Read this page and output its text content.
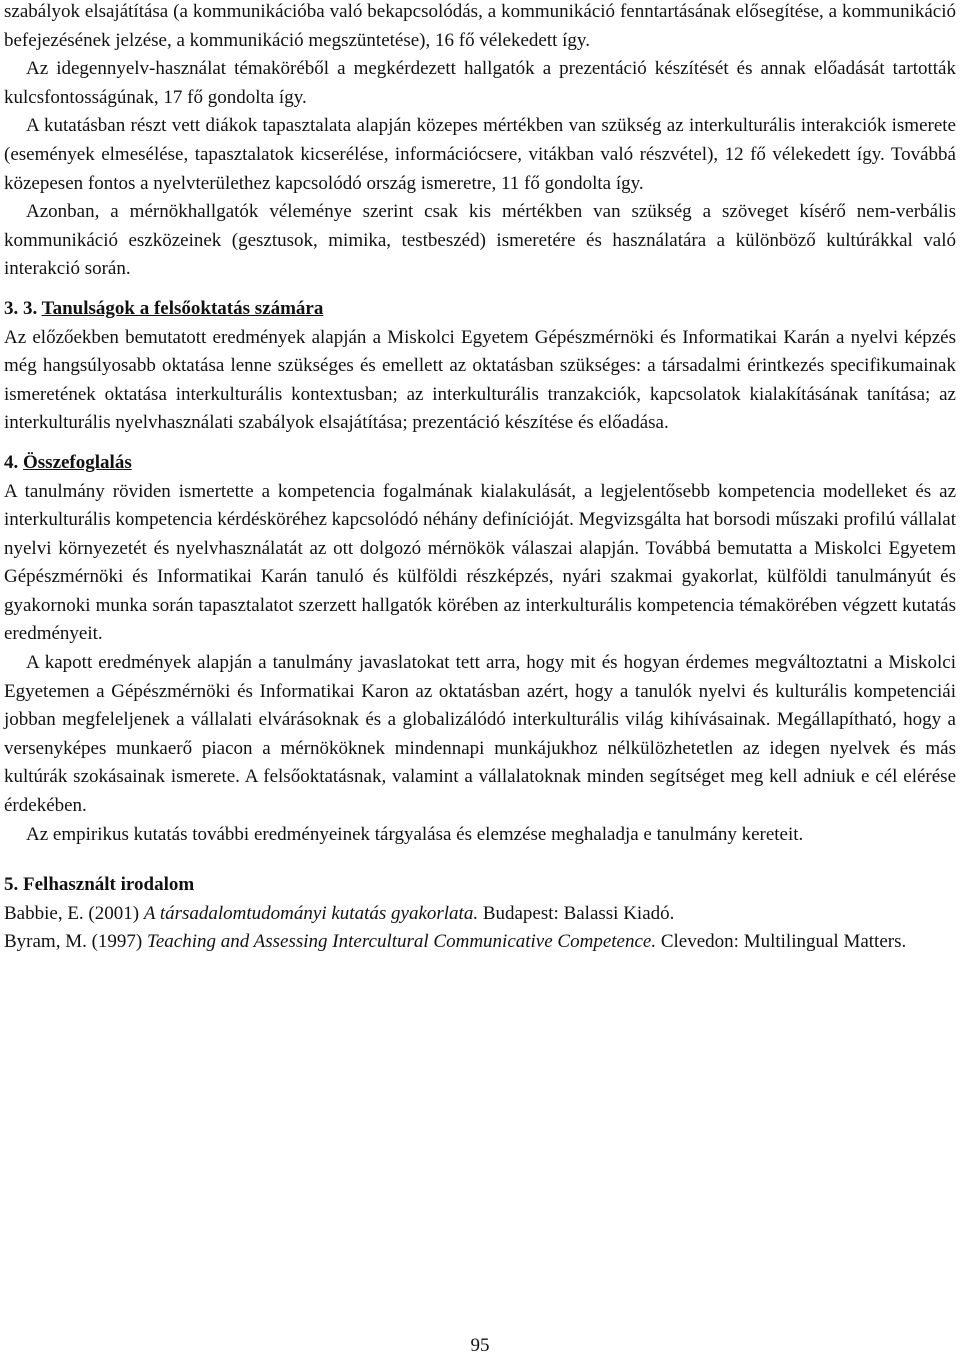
szabályok elsajátítása (a kommunikációba való bekapcsolódás, a kommunikáció fenntartásának elősegítése, a kommunikáció befejezésének jelzése, a kommunikáció megszüntetése), 16 fő vélekedett így.

Az idegennyelv-használat témaköréből a megkérdezett hallgatók a prezentáció készítését és annak előadását tartották kulcsfontosságúnak, 17 fő gondolta így.

A kutatásban részt vett diákok tapasztalata alapján közepes mértékben van szükség az interkulturális interakciók ismerete (események elmesélése, tapasztalatok kicserélése, információcsere, vitákban való részvétel), 12 fő vélekedett így. Továbbá közepesen fontos a nyelvterülethez kapcsolódó ország ismeretre, 11 fő gondolta így.

Azonban, a mérnökhallgatók véleménye szerint csak kis mértékben van szükség a szöveget kísérő nem-verbális kommunikáció eszközeinek (gesztusok, mimika, testbeszéd) ismeretére és használatára a különböző kultúrákkal való interakció során.

3. 3. Tanulságok a felsőoktatás számára

Az előzőekben bemutatott eredmények alapján a Miskolci Egyetem Gépészmérnöki és Informatikai Karán a nyelvi képzés még hangsúlyosabb oktatása lenne szükséges és emellett az oktatásban szükséges: a társadalmi érintkezés specifikumainak ismeretének oktatása interkulturális kontextusban; az interkulturális tranzakciók, kapcsolatok kialakításának tanítása; az interkulturális nyelvhasználati szabályok elsajátítása; prezentáció készítése és előadása.

4. Összefoglalás

A tanulmány röviden ismertette a kompetencia fogalmának kialakulását, a legjelentősebb kompetencia modelleket és az interkulturális kompetencia kérdésköréhez kapcsolódó néhány definícióját. Megvizsgálta hat borsodi műszaki profilú vállalat nyelvi környezetét és nyelvhasználatát az ott dolgozó mérnökök válaszai alapján. Továbbá bemutatta a Miskolci Egyetem Gépészmérnöki és Informatikai Karán tanuló és külföldi részképzés, nyári szakmai gyakorlat, külföldi tanulmányút és gyakornoki munka során tapasztalatot szerzett hallgatók körében az interkulturális kompetencia témakörében végzett kutatás eredményeit.

A kapott eredmények alapján a tanulmány javaslatokat tett arra, hogy mit és hogyan érdemes megváltoztatni a Miskolci Egyetemen a Gépészmérnöki és Informatikai Karon az oktatásban azért, hogy a tanulók nyelvi és kulturális kompetenciái jobban megfeleljenek a vállalati elvárásoknak és a globalizálódó interkulturális világ kihívásainak. Megállapítható, hogy a versenyképes munkaerő piacon a mérnököknek mindennapi munkájukhoz nélkülözhetetlen az idegen nyelvek és más kultúrák szokásainak ismerete. A felsőoktatásnak, valamint a vállalatoknak minden segítséget meg kell adniuk e cél elérése érdekében.

Az empirikus kutatás további eredményeinek tárgyalása és elemzése meghaladja e tanulmány kereteit.

5. Felhasznált irodalom

Babbie, E. (2001) A társadalomtudományi kutatás gyakorlata. Budapest: Balassi Kiadó.

Byram, M. (1997) Teaching and Assessing Intercultural Communicative Competence. Clevedon: Multilingual Matters.

95
